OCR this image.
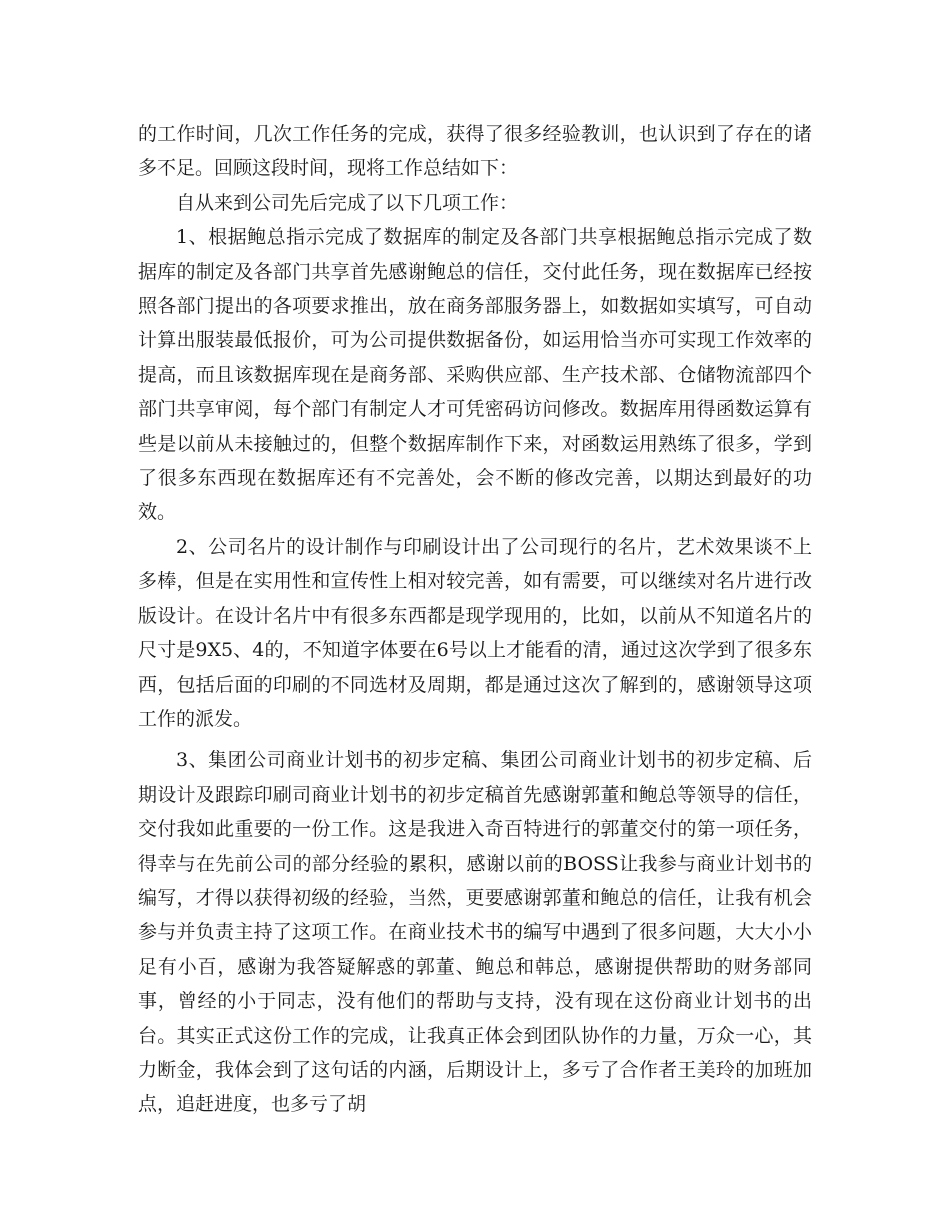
的工作时间，几次工作任务的完成，获得了很多经验教训，也认识到了存在的诸多不足。回顾这段时间，现将工作总结如下：

自从来到公司先后完成了以下几项工作：

1、根据鲍总指示完成了数据库的制定及各部门共享根据鲍总指示完成了数据库的制定及各部门共享首先感谢鲍总的信任，交付此任务，现在数据库已经按照各部门提出的各项要求推出，放在商务部服务器上，如数据如实填写，可自动计算出服装最低报价，可为公司提供数据备份，如运用恰当亦可实现工作效率的提高，而且该数据库现在是商务部、采购供应部、生产技术部、仓储物流部四个部门共享审阅，每个部门有制定人才可凭密码访问修改。数据库用得函数运算有些是以前从未接触过的，但整个数据库制作下来，对函数运用熟练了很多，学到了很多东西现在数据库还有不完善处，会不断的修改完善，以期达到最好的功效。

2、公司名片的设计制作与印刷设计出了公司现行的名片，艺术效果谈不上多棒，但是在实用性和宣传性上相对较完善，如有需要，可以继续对名片进行改版设计。在设计名片中有很多东西都是现学现用的，比如，以前从不知道名片的尺寸是9X5、4的，不知道字体要在6号以上才能看的清，通过这次学到了很多东西，包括后面的印刷的不同选材及周期，都是通过这次了解到的，感谢领导这项工作的派发。

3、集团公司商业计划书的初步定稿、集团公司商业计划书的初步定稿、后期设计及跟踪印刷司商业计划书的初步定稿首先感谢郭董和鲍总等领导的信任，交付我如此重要的一份工作。这是我进入奇百特进行的郭董交付的第一项任务，得幸与在先前公司的部分经验的累积，感谢以前的BOSS让我参与商业计划书的编写，才得以获得初级的经验，当然，更要感谢郭董和鲍总的信任，让我有机会参与并负责主持了这项工作。在商业技术书的编写中遇到了很多问题，大大小小足有小百，感谢为我答疑解惑的郭董、鲍总和韩总，感谢提供帮助的财务部同事，曾经的小于同志，没有他们的帮助与支持，没有现在这份商业计划书的出台。其实正式这份工作的完成，让我真正体会到团队协作的力量，万众一心，其力断金，我体会到了这句话的内涵，后期设计上，多亏了合作者王美玲的加班加点，追赶进度，也多亏了胡
